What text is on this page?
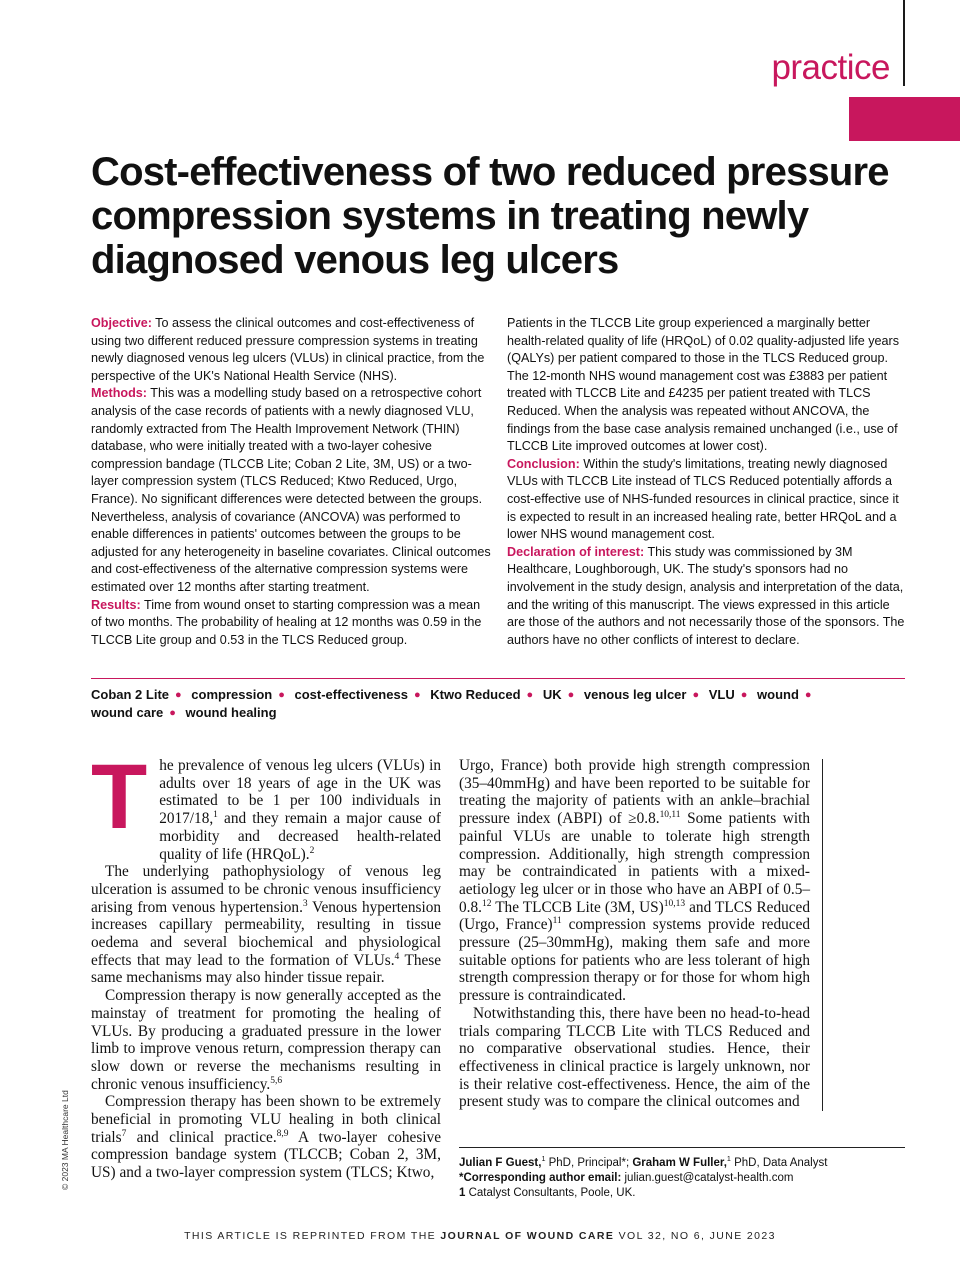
practice
Cost-effectiveness of two reduced pressure compression systems in treating newly diagnosed venous leg ulcers

Objective: To assess the clinical outcomes and cost-effectiveness of using two different reduced pressure compression systems in treating newly diagnosed venous leg ulcers (VLUs) in clinical practice, from the perspective of the UK's National Health Service (NHS).

Methods: This was a modelling study based on a retrospective cohort analysis of the case records of patients with a newly diagnosed VLU, randomly extracted from The Health Improvement Network (THIN) database, who were initially treated with a two-layer cohesive compression bandage (TLCCB Lite; Coban 2 Lite, 3M, US) or a two-layer compression system (TLCS Reduced; Ktwo Reduced, Urgo, France). No significant differences were detected between the groups. Nevertheless, analysis of covariance (ANCOVA) was performed to enable differences in patients' outcomes between the groups to be adjusted for any heterogeneity in baseline covariates. Clinical outcomes and cost-effectiveness of the alternative compression systems were estimated over 12 months after starting treatment.

Results: Time from wound onset to starting compression was a mean of two months. The probability of healing at 12 months was 0.59 in the TLCCB Lite group and 0.53 in the TLCS Reduced group.

Patients in the TLCCB Lite group experienced a marginally better health-related quality of life (HRQoL) of 0.02 quality-adjusted life years (QALYs) per patient compared to those in the TLCS Reduced group. The 12-month NHS wound management cost was £3883 per patient treated with TLCCB Lite and £4235 per patient treated with TLCS Reduced. When the analysis was repeated without ANCOVA, the findings from the base case analysis remained unchanged (i.e., use of TLCCB Lite improved outcomes at lower cost).

Conclusion: Within the study's limitations, treating newly diagnosed VLUs with TLCCB Lite instead of TLCS Reduced potentially affords a cost-effective use of NHS-funded resources in clinical practice, since it is expected to result in an increased healing rate, better HRQoL and a lower NHS wound management cost.

Declaration of interest: This study was commissioned by 3M Healthcare, Loughborough, UK. The study's sponsors had no involvement in the study design, analysis and interpretation of the data, and the writing of this manuscript. The views expressed in this article are those of the authors and not necessarily those of the sponsors. The authors have no other conflicts of interest to declare.

Coban 2 Lite ● compression ● cost-effectiveness ● Ktwo Reduced ● UK ● venous leg ulcer ● VLU ● wound ● wound care ● wound healing

The prevalence of venous leg ulcers (VLUs) in adults over 18 years of age in the UK was estimated to be 1 per 100 individuals in 2017/18,$^1$ and they remain a major cause of morbidity and decreased health-related quality of life (HRQoL).$^2$

The underlying pathophysiology of venous leg ulceration is assumed to be chronic venous insufficiency arising from venous hypertension.$^3$ Venous hypertension increases capillary permeability, resulting in tissue oedema and several biochemical and physiological effects that may lead to the formation of VLUs.$^4$ These same mechanisms may also hinder tissue repair.

Compression therapy is now generally accepted as the mainstay of treatment for promoting the healing of VLUs. By producing a graduated pressure in the lower limb to improve venous return, compression therapy can slow down or reverse the mechanisms resulting in chronic venous insufficiency.$^{5,6}$

Compression therapy has been shown to be extremely beneficial in promoting VLU healing in both clinical trials$^7$ and clinical practice.$^{8,9}$ A two-layer cohesive compression bandage system (TLCCB; Coban 2, 3M, US) and a two-layer compression system (TLCS; Ktwo,

Urgo, France) both provide high strength compression (35–40mmHg) and have been reported to be suitable for treating the majority of patients with an ankle–brachial pressure index (ABPI) of ≥0.8.$^{10,11}$ Some patients with painful VLUs are unable to tolerate high strength compression. Additionally, high strength compression may be contraindicated in patients with a mixed-aetiology leg ulcer or in those who have an ABPI of 0.5–0.8.12 The TLCCB Lite (3M, US)$^{10,13}$ and TLCS Reduced (Urgo, France)$^{11}$ compression systems provide reduced pressure (25–30mmHg), making them safe and more suitable options for patients who are less tolerant of high strength compression therapy or for those for whom high pressure is contraindicated.

Notwithstanding this, there have been no head-to-head trials comparing TLCCB Lite with TLCS Reduced and no comparative observational studies. Hence, their effectiveness in clinical practice is largely unknown, nor is their relative cost-effectiveness. Hence, the aim of the present study was to compare the clinical outcomes and

© 2023 MA Healthcare Ltd	Julian F Guest,$^1$ PhD, Principal*; Graham W Fuller,$^1$ PhD, Data Analyst

*Corresponding author email: julian.guest@catalyst-health.com

1 Catalyst Consultants, Poole, UK.

THIS ARTICLE IS REPRINTED FROM THE JOURNAL OF WOUND CARE VOL 32, NO 6, JUNE 2023
